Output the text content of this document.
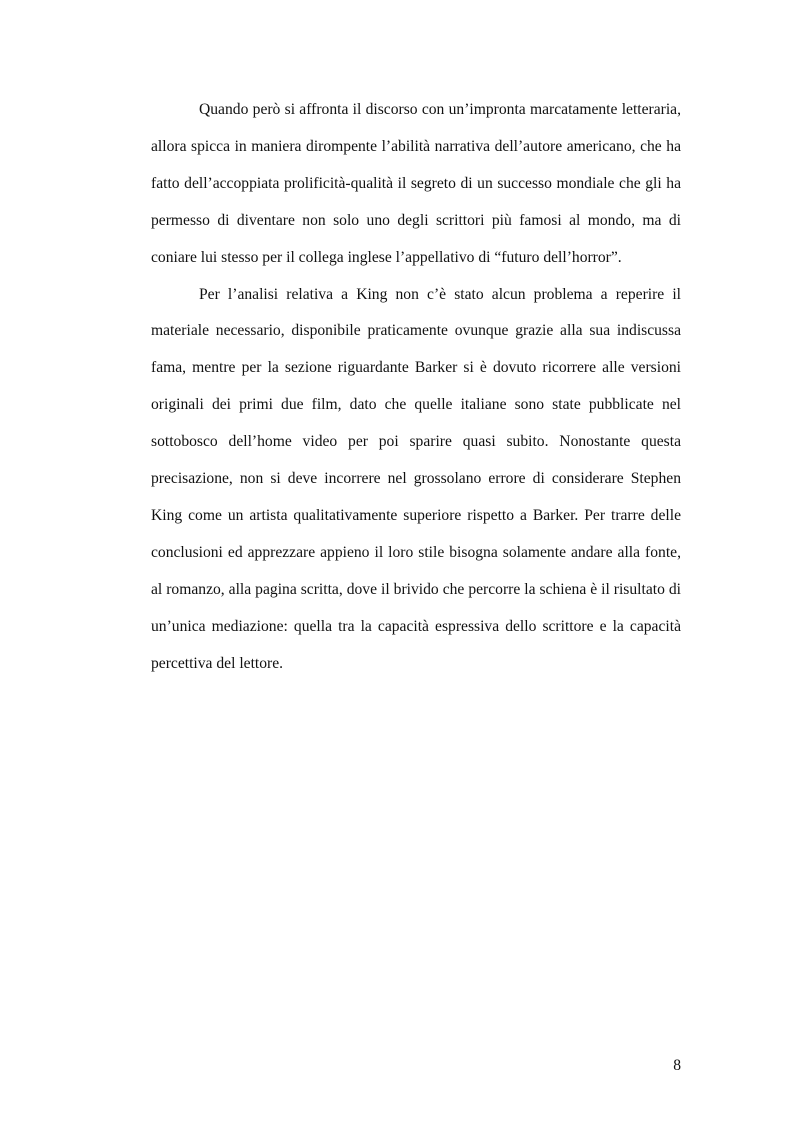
Quando però si affronta il discorso con un’impronta marcatamente letteraria, allora spicca in maniera dirompente l’abilità narrativa dell’autore americano, che ha fatto dell’accoppiata prolificità-qualità il segreto di un successo mondiale che gli ha permesso di diventare non solo uno degli scrittori più famosi al mondo, ma di coniare lui stesso per il collega inglese l’appellativo di “futuro dell’horror”.

Per l’analisi relativa a King non c’è stato alcun problema a reperire il materiale necessario, disponibile praticamente ovunque grazie alla sua indiscussa fama, mentre per la sezione riguardante Barker si è dovuto ricorrere alle versioni originali dei primi due film, dato che quelle italiane sono state pubblicate nel sottobosco dell’home video per poi sparire quasi subito. Nonostante questa precisazione, non si deve incorrere nel grossolano errore di considerare Stephen King come un artista qualitativamente superiore rispetto a Barker. Per trarre delle conclusioni ed apprezzare appieno il loro stile bisogna solamente andare alla fonte, al romanzo, alla pagina scritta, dove il brivido che percorre la schiena è il risultato di un’unica mediazione: quella tra la capacità espressiva dello scrittore e la capacità percettiva del lettore.

8
